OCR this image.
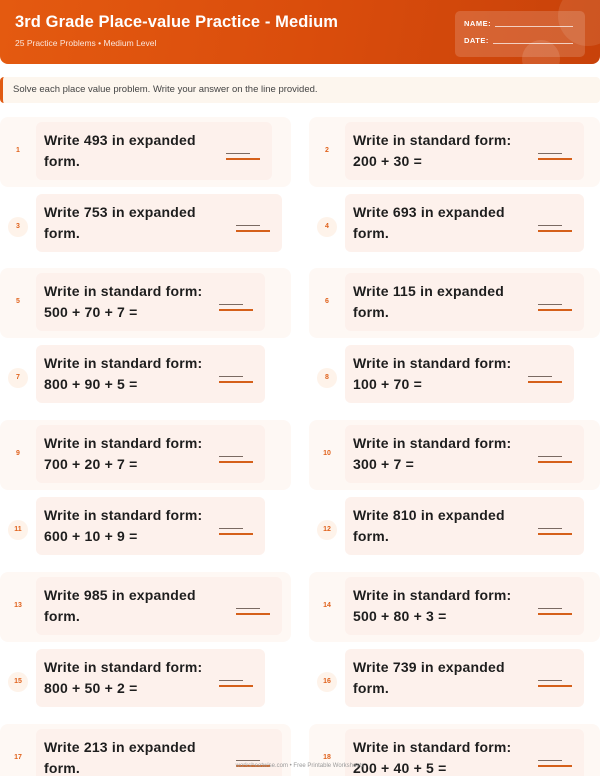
3rd Grade Place-value Practice - Medium
25 Practice Problems • Medium Level
NAME:
DATE:
Solve each place value problem. Write your answer on the line provided.
1
Write 493 in expanded
form.
2
Write in standard form:
200 + 30 =
3
Write 753 in expanded
form.	4
Write 693 in expanded
form.
5
Write in standard form:
500 + 70 + 7 =
6
Write 115 in expanded
form.
7
Write in standard form:
800 + 90 + 5 =	8
Write in standard form:
100 + 70 =
9
Write in standard form:
700 + 20 + 7 =
10
Write in standard form:
300 + 7 =
11
Write in standard form:
600 + 10 + 9 =	12
Write 810 in expanded
form.
13
Write 985 in expanded
form.
14
Write in standard form:
500 + 80 + 3 =
15
Write in standard form:
800 + 50 + 2 =	16
Write 739 in expanded
form.
17
Write 213 in expanded
form.
18
Write in standard form:
200 + 40 + 5 =
worksheetwise.com • Free Printable Worksheets
